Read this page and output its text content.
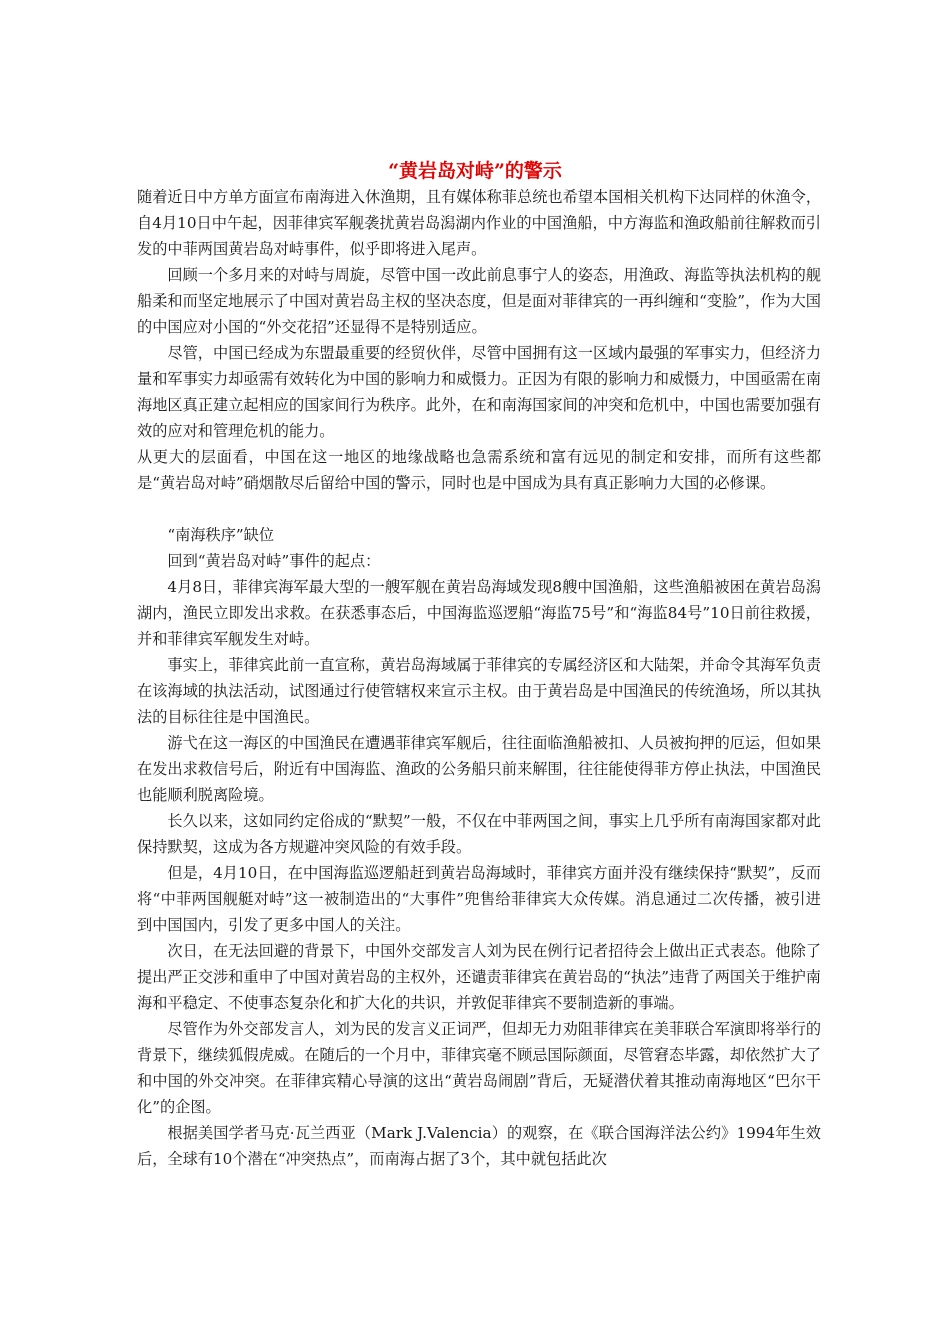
“黄岩岛对峙”的警示

随着近日中方单方面宣布南海进入休渔期，且有媒体称菲总统也希望本国相关机构下达同样的休渔令，自4月10日中午起，因菲律宾军舰袭扰黄岩岛潟湖内作业的中国渔船，中方海监和渔政船前往解救而引发的中菲两国黄岩岛对峙事件，似乎即将进入尾声。

回顾一个多月来的对峙与周旋，尽管中国一改此前息事宁人的姿态，用渔政、海监等执法机构的舰船柔和而坚定地展示了中国对黄岩岛主权的坚决态度，但是面对菲律宾的一再纠缠和“变脸”，作为大国的中国应对小国的“外交花招”还显得不是特别适应。

尽管，中国已经成为东盟最重要的经贸伙伴，尽管中国拥有这一区域内最强的军事实力，但经济力量和军事实力却亟需有效转化为中国的影响力和威慑力。正因为有限的影响力和威慑力，中国亟需在南海地区真正建立起相应的国家间行为秩序。此外，在和南海国家间的冲突和危机中，中国也需要加强有效的应对和管理危机的能力。

从更大的层面看，中国在这一地区的地缘战略也急需系统和富有远见的制定和安排，而所有这些都是“黄岩岛对峙”硝烟散尽后留给中国的警示，同时也是中国成为具有真正影响力大国的必修课。

“南海秩序”缺位

回到“黄岩岛对峙”事件的起点：

4月8日，菲律宾海军最大型的一艘军舰在黄岩岛海域发现8艘中国渔船，这些渔船被困在黄岩岛潟湖内，渔民立即发出求救。在获悉事态后，中国海监巡逻船“海监75号”和“海监84号”10日前往救援，并和菲律宾军舰发生对峙。

事实上，菲律宾此前一直宣称，黄岩岛海域属于菲律宾的专属经济区和大陆架，并命令其海军负责在该海域的执法活动，试图通过行使管辖权来宣示主权。由于黄岩岛是中国渔民的传统渔场，所以其执法的目标往往是中国渔民。

游弋在这一海区的中国渔民在遭遇菲律宾军舰后，往往面临渔船被扣、人员被拘押的厄运，但如果在发出求救信号后，附近有中国海监、渔政的公务船只前来解围，往往能使得菲方停止执法，中国渔民也能顺利脱离险境。

长久以来，这如同约定俗成的“默契”一般，不仅在中菲两国之间，事实上几乎所有南海国家都对此保持默契，这成为各方规避冲突风险的有效手段。

但是，4月10日，在中国海监巡逻船赶到黄岩岛海域时，菲律宾方面并没有继续保持“默契”，反而将“中菲两国舰艇对峙”这一被制造出的“大事件”兜售给菲律宾大众传媒。消息通过二次传播，被引进到中国国内，引发了更多中国人的关注。

次日，在无法回避的背景下，中国外交部发言人刘为民在例行记者招待会上做出正式表态。他除了提出严正交涉和重申了中国对黄岩岛的主权外，还谴责菲律宾在黄岩岛的“执法”违背了两国关于维护南海和平稳定、不使事态复杂化和扩大化的共识，并敦促菲律宾不要制造新的事端。

尽管作为外交部发言人，刘为民的发言义正词严，但却无力劝阻菲律宾在美菲联合军演即将举行的背景下，继续狐假虎威。在随后的一个月中，菲律宾毫不顾忌国际颜面，尽管窘态毕露，却依然扩大了和中国的外交冲突。在菲律宾精心导演的这出“黄岩岛闹剧”背后，无疑潜伏着其推动南海地区“巴尔干化”的企图。

根据美国学者马克·瓦兰西亚（Mark J.Valencia）的观察，在《联合国海洋法公约》1994年生效后，全球有10个潜在“冲突热点”，而南海占据了3个，其中就包括此次
